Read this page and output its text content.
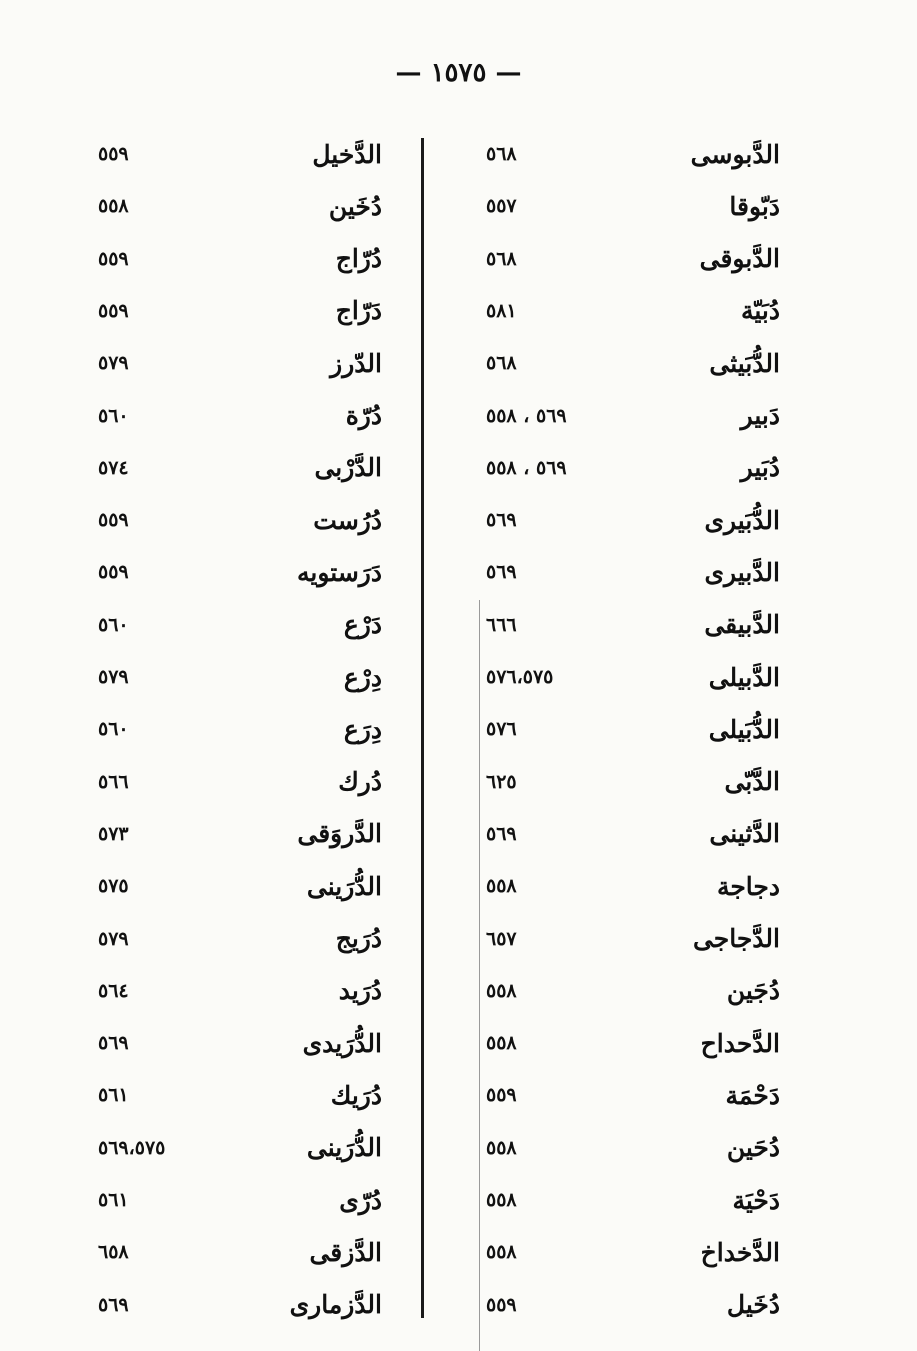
— ١٥٧٥ —
٥٦٨	الدَّبوسی
٥٥٧	دَبّوقا
٥٦٨	الدَّبوقی
٥٨١	دُبَیّة
٥٦٨	الدُّبَیثی
٥٦٩ ، ٥٥٨	دَبیر
٥٦٩ ، ٥٥٨	دُبَیر
٥٦٩	الدُّبَیری
٥٦٩	الدَّبیری
٦٦٦	الدَّبیقی
٥٧٦،٥٧٥	الدَّبیلی
٥٧٦	الدُّبَیلی
٦٢٥	الدَّبّی
٥٦٩	الدَّثینی
٥٥٨	دجاجة
٦٥٧	الدَّجاجی
٥٥٨	دُجَین
٥٥٨	الدَّحداح
٥٥٩	دَحْمَة
٥٥٨	دُحَین
٥٥٨	دَحْیَة
٥٥٨	الدَّخداخ
٥٥٩	دُخَیل
٥٥٩	الدَّخیل
٥٥٨	دُخَین
٥٥٩	دُرّاج
٥٥٩	دَرّاج
٥٧٩	الدّرز
٥٦٠	دُرّة
٥٧٤	الدَّرْبی
٥٥٩	دُرُست
٥٥٩	دَرَستویه
٥٦٠	دَرْع
٥٧٩	دِرْع
٥٦٠	دِرَع
٥٦٦	دُرك
٥٧٣	الدَّروَقی
٥٧٥	الدُّرَینی
٥٧٩	دُرَیج
٥٦٤	دُرَید
٥٦٩	الدُّرَیدی
٥٦١	دُرَیك
٥٦٩،٥٧٥	الدُّرَینی
٥٦١	دُرّی
٦٥٨	الدَّزقی
٥٦٩	الدَّزماری
